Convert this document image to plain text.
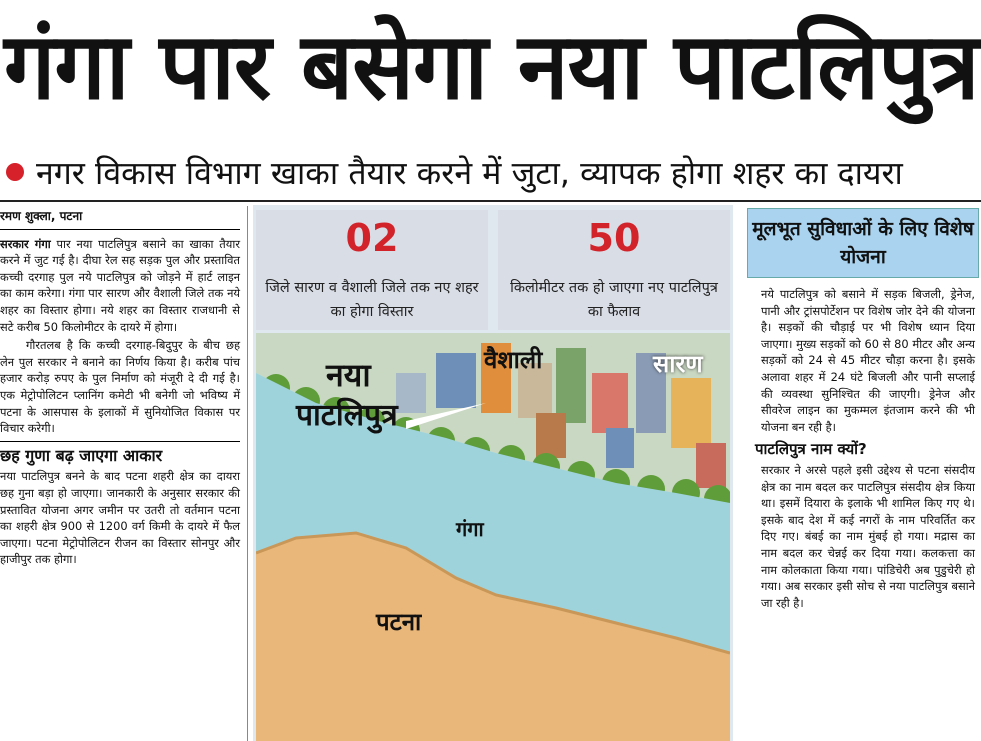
गंगा पार बसेगा नया पाटलिपुत्र
नगर विकास विभाग खाका तैयार करने में जुटा, व्यापक होगा शहर का दायरा
रमण शुक्ला, पटना

सरकार गंगा पार नया पाटलिपुत्र बसाने का खाका तैयार करने में जुट गई है। दीघा रेल सह सड़क पुल और प्रस्तावित कच्ची दरगाह पुल नये पाटलिपुत्र को जोड़ने में हार्ट लाइन का काम करेगा। गंगा पार सारण और वैशाली जिले तक नये शहर का विस्तार होगा। नये शहर का विस्तार राजधानी से सटे करीब 50 किलोमीटर के दायरे में होगा।

गौरतलब है कि कच्ची दरगाह-बिदुपुर के बीच छह लेन पुल सरकार ने बनाने का निर्णय किया है। करीब पांच हजार करोड़ रुपए के पुल निर्माण को मंजूरी दे दी गई है। एक मेट्रोपोलिटन प्लानिंग कमेटी भी बनेगी जो भविष्य में पटना के आसपास के इलाकों में सुनियोजित विकास पर विचार करेगी।

छह गुणा बढ़ जाएगा आकार

नया पाटलिपुत्र बनने के बाद पटना शहरी क्षेत्र का दायरा छह गुना बड़ा हो जाएगा। जानकारी के अनुसार सरकार की प्रस्तावित योजना अगर जमीन पर उतरी तो वर्तमान पटना का शहरी क्षेत्र 900 से 1200 वर्ग किमी के दायरे में फैल जाएगा। पटना मेट्रोपोलिटन रीजन का विस्तार सोनपुर और हाजीपुर तक होगा।

02
जिले सारण व वैशाली जिले तक नए शहर का होगा विस्तार
50
किलोमीटर तक हो जाएगा नए पाटलिपुत्र का फैलाव
नया
पाटलिपुत्र
वैशाली	सारण
गंगा
पटना
मूलभूत सुविधाओं के लिए विशेष योजना
नये पाटलिपुत्र को बसाने में सड़क बिजली, ड्रेनेज, पानी और ट्रांसपोर्टेशन पर विशेष जोर देने की योजना है। सड़कों की चौड़ाई पर भी विशेष ध्यान दिया जाएगा। मुख्य सड़कों को 60 से 80 मीटर और अन्य सड़कों को 24 से 45 मीटर चौड़ा करना है। इसके अलावा शहर में 24 घंटे बिजली और पानी सप्लाई की व्यवस्था सुनिश्चित की जाएगी। ड्रेनेज और सीवरेज लाइन का मुकम्मल इंतजाम करने की भी योजना बन रही है।
पाटलिपुत्र नाम क्यों?
सरकार ने अरसे पहले इसी उद्देश्य से पटना संसदीय क्षेत्र का नाम बदल कर पाटलिपुत्र संसदीय क्षेत्र किया था। इसमें दियारा के इलाके भी शामिल किए गए थे। इसके बाद देश में कई नगरों के नाम परिवर्तित कर दिए गए। बंबई का नाम मुंबई हो गया। मद्रास का नाम बदल कर चेन्नई कर दिया गया। कलकत्ता का नाम कोलकाता किया गया। पांडिचेरी अब पुडुचेरी हो गया। अब सरकार इसी सोच से नया पाटलिपुत्र बसाने जा रही है।
